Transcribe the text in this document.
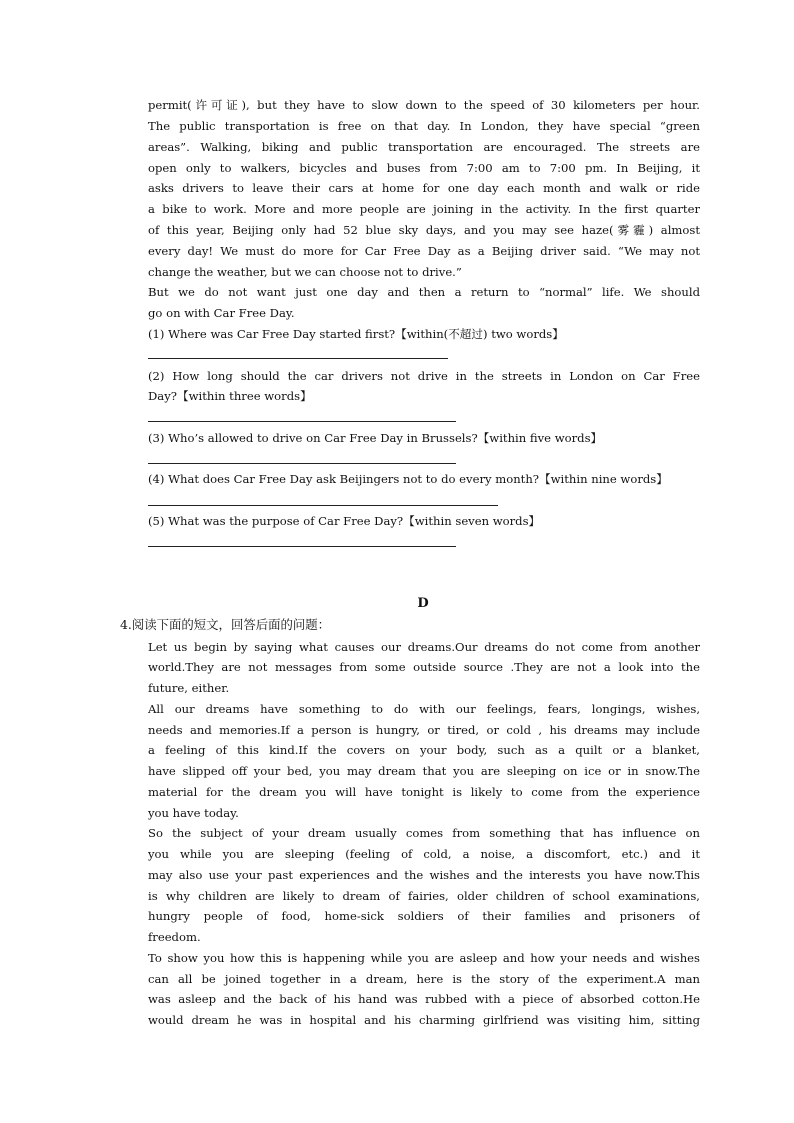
permit(许可证), but they have to slow down to the speed of 30 kilometers per hour.
The public transportation is free on that day. In London, they have special “green
areas”. Walking, biking and public transportation are encouraged. The streets are
open only to walkers, bicycles and buses from 7:00 am to 7:00 pm. In Beijing, it
asks drivers to leave their cars at home for one day each month and walk or ride
a bike to work. More and more people are joining in the activity. In the first quarter
of this year, Beijing only had 52 blue sky days, and you may see haze(雾霾) almost
every day! We must do more for Car Free Day as a Beijing driver said. “We may not
change the weather, but we can choose not to drive.”
But we do not want just one day and then a return to “normal” life. We should
go on with Car Free Day.
(1) Where was Car Free Day started first?【within(不超过) two words】
(2) How long should the car drivers not drive in the streets in London on Car Free
Day?【within three words】
(3) Who’s allowed to drive on Car Free Day in Brussels?【within five words】
(4) What does Car Free Day ask Beijingers not to do every month?【within nine words】
(5) What was the purpose of Car Free Day?【within seven words】
D
4.阅读下面的短文，回答后面的问题：
Let us begin by saying what causes our dreams.Our dreams do not come from another
world.They are not messages from some outside source .They are not a look into the
future, either.
All our dreams have something to do with our feelings, fears, longings, wishes,
needs and memories.If a person is hungry, or tired, or cold , his dreams may include
a feeling of this kind.If the covers on your body, such as a quilt or a blanket,
have slipped off your bed, you may dream that you are sleeping on ice or in snow.The
material for the dream you will have tonight is likely to come from the experience
you have today.
So the subject of your dream usually comes from something that has influence on
you while you are sleeping (feeling of cold, a noise, a discomfort, etc.) and it
may also use your past experiences and the wishes and the interests you have now.This
is why children are likely to dream of fairies, older children of school examinations,
hungry people of food, home-sick soldiers of their families and prisoners of
freedom.
To show you how this is happening while you are asleep and how your needs and wishes
can all be joined together in a dream, here is the story of the experiment.A man
was asleep and the back of his hand was rubbed with a piece of absorbed cotton.He
would dream he was in hospital and his charming girlfriend was visiting him, sitting
